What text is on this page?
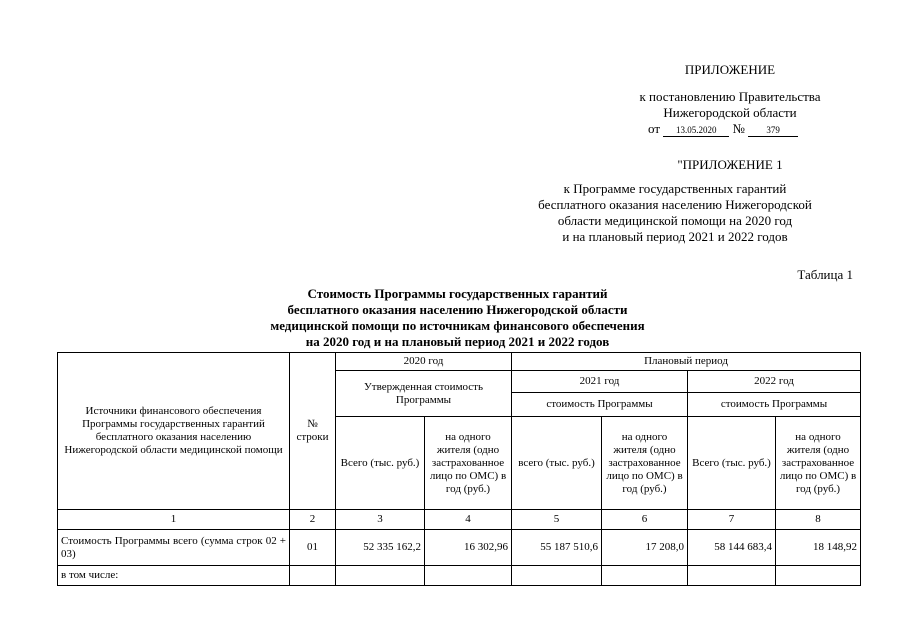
ПРИЛОЖЕНИЕ
к постановлению Правительства
Нижегородской области
от 13.05.2020 № 379
"ПРИЛОЖЕНИЕ 1
к Программе государственных гарантий
бесплатного оказания населению Нижегородской
области медицинской помощи на 2020 год
и на плановый период 2021 и 2022 годов
Таблица 1
Стоимость Программы государственных гарантий
бесплатного оказания населению Нижегородской области
медицинской помощи по источникам финансового обеспечения
на 2020 год и на плановый период 2021 и 2022 годов
Источники финансового обеспечения Программы государственных гарантий бесплатного оказания населению Нижегородской области медицинской помощи	№ строки	2020 год		Плановый период			
		Утвержденная стоимость Программы		2021 год		2022 год	
				стоимость Программы		стоимость Программы	
		Всего (тыс. руб.)	на одного жителя (одно застрахованное лицо по ОМС) в год (руб.)	всего (тыс. руб.)	на одного жителя (одно застрахованное лицо по ОМС) в год (руб.)	Всего (тыс. руб.)	на одного жителя (одно застрахованное лицо по ОМС) в год (руб.)
1	2	3	4	5	6	7	8
Стоимость Программы всего (сумма строк 02 + 03)	01	52 335 162,2	16 302,96	55 187 510,6	17 208,0	58 144 683,4	18 148,92
в том числе:							
